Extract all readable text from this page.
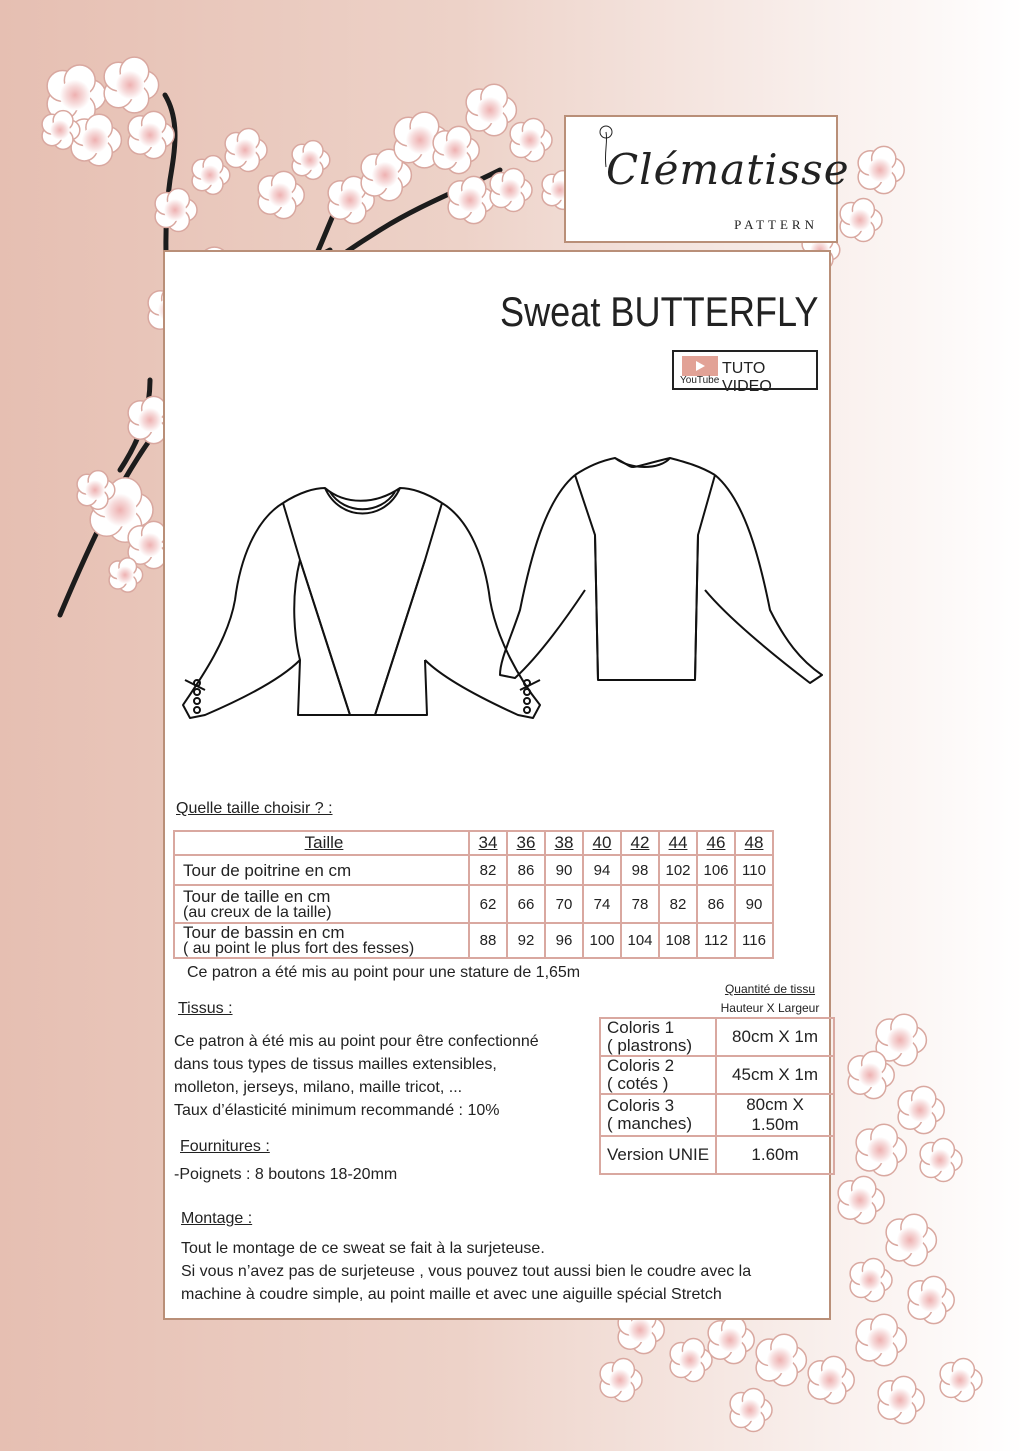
Clématisse
PATTERN
Sweat BUTTERFLY
YouTube
TUTO VIDEO
Quelle taille choisir ? :
Taille	34	36	38	40	42	44	46	48

Tour de poitrine en cm	82	86	90	94	98	102	106	110

Tour de taille en cm
(au creux de la taille)	62	66	70	74	78	82	86	90

Tour de bassin en cm
( au point le plus fort des fesses)	88	92	96	100	104	108	112	116
Ce patron a été mis au point pour une stature de 1,65m
Tissus :
Ce patron à été mis au point pour être confectionné
dans tous types de tissus mailles extensibles,
molleton, jerseys, milano, maille tricot, ...
Taux d’élasticité minimum recommandé : 10%
Quantité de tissu
Hauteur X Largeur
Coloris 1
( plastrons)	80cm X 1m

Coloris 2
( cotés )	45cm X 1m

Coloris 3
( manches)	80cm X 1.50m
Version UNIE	1.60m
Fournitures :
-Poignets : 8 boutons 18-20mm
Montage :
Tout le montage de ce sweat se fait à la surjeteuse.
Si vous n’avez pas de surjeteuse , vous pouvez tout aussi bien le coudre avec la
machine à coudre simple, au point maille et avec une aiguille spécial Stretch
